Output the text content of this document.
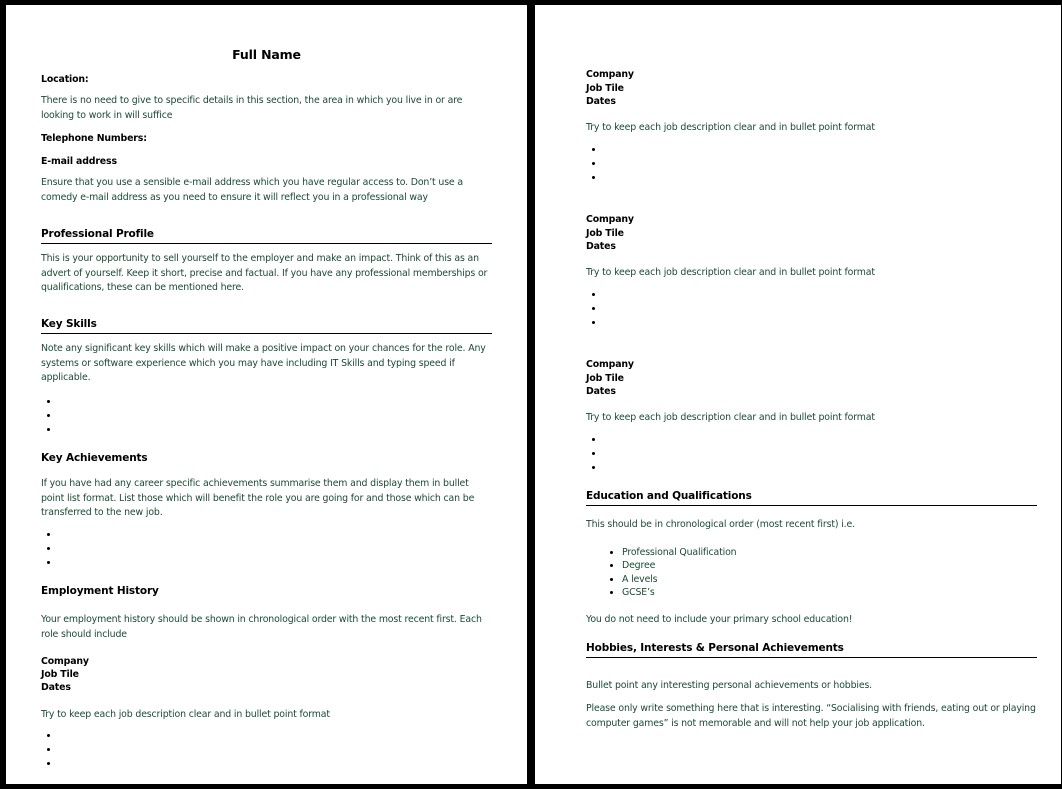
Full Name
Location:
There is no need to give to specific details in this section, the area in which you live in or are looking to work in will suffice
Telephone Numbers:
E-mail address
Ensure that you use a sensible e-mail address which you have regular access to. Don’t use a comedy e-mail address as you need to ensure it will reflect you in a professional way
Professional Profile
This is your opportunity to sell yourself to the employer and make an impact. Think of this as an advert of yourself. Keep it short, precise and factual. If you have any professional memberships or qualifications, these can be mentioned here.
Key Skills
Note any significant key skills which will make a positive impact on your chances for the role. Any systems or software experience which you may have including IT Skills and typing speed if applicable.
•
•
•
Key Achievements
If you have had any career specific achievements summarise them and display them in bullet point list format. List those which will benefit the role you are going for and those which can be transferred to the new job.
•
•
•
Employment History
Your employment history should be shown in chronological order with the most recent first. Each role should include
Company
Job Tile
Dates
Try to keep each job description clear and in bullet point format
•
•
•
Company
Job Tile
Dates
Try to keep each job description clear and in bullet point format
•
•
•
Company
Job Tile
Dates
Try to keep each job description clear and in bullet point format
•
•
•
Company
Job Tile
Dates
Try to keep each job description clear and in bullet point format
•
•
•
Education and Qualifications
This should be in chronological order (most recent first) i.e.
• Professional Qualification
• Degree
• A levels
• GCSE’s
You do not need to include your primary school education!
Hobbies, Interests & Personal Achievements
Bullet point any interesting personal achievements or hobbies.
Please only write something here that is interesting. “Socialising with friends, eating out or playing computer games” is not memorable and will not help your job application.
